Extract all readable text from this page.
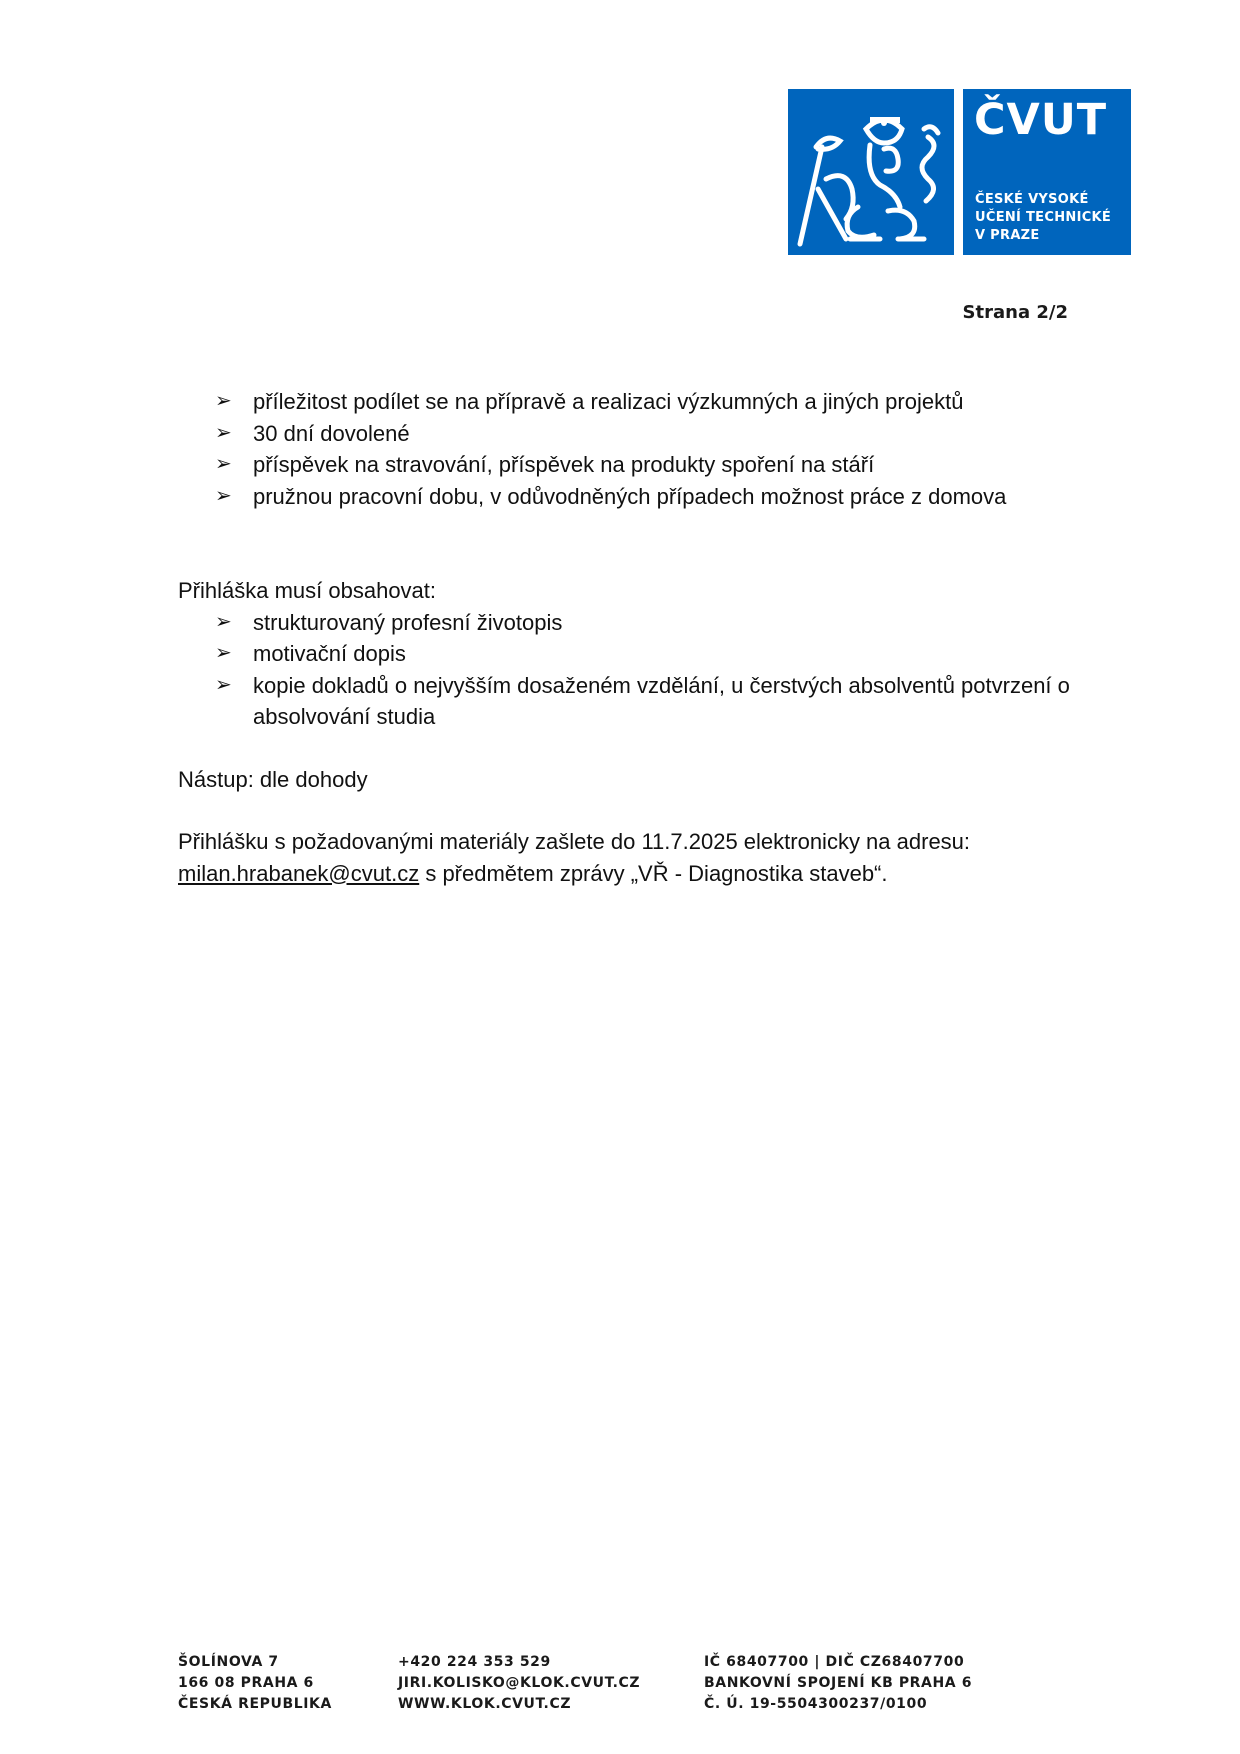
ČVUT
ČESKÉ VYSOKÉ
UČENÍ TECHNICKÉ
V PRAZE
Strana 2/2
➢ příležitost podílet se na přípravě a realizaci výzkumných a jiných projektů
➢ 30 dní dovolené
➢ příspěvek na stravování, příspěvek na produkty spoření na stáří
➢ pružnou pracovní dobu, v odůvodněných případech možnost práce z domova

Přihláška musí obsahovat:

➢ strukturovaný profesní životopis
➢ motivační dopis
➢ kopie dokladů o nejvyšším dosaženém vzdělání, u čerstvých absolventů potvrzení o absolvování studia

Nástup: dle dohody

Přihlášku s požadovanými materiály zašlete do 11.7.2025 elektronicky na adresu:
milan.hrabanek@cvut.cz s předmětem zprávy „VŘ - Diagnostika staveb“.

ŠOLÍNOVA 7
166 08 PRAHA 6
ČESKÁ REPUBLIKA
+420 224 353 529
JIRI.KOLISKO@KLOK.CVUT.CZ
WWW.KLOK.CVUT.CZ
IČ 68407700 | DIČ CZ68407700
BANKOVNÍ SPOJENÍ KB PRAHA 6
Č. Ú. 19-5504300237/0100
